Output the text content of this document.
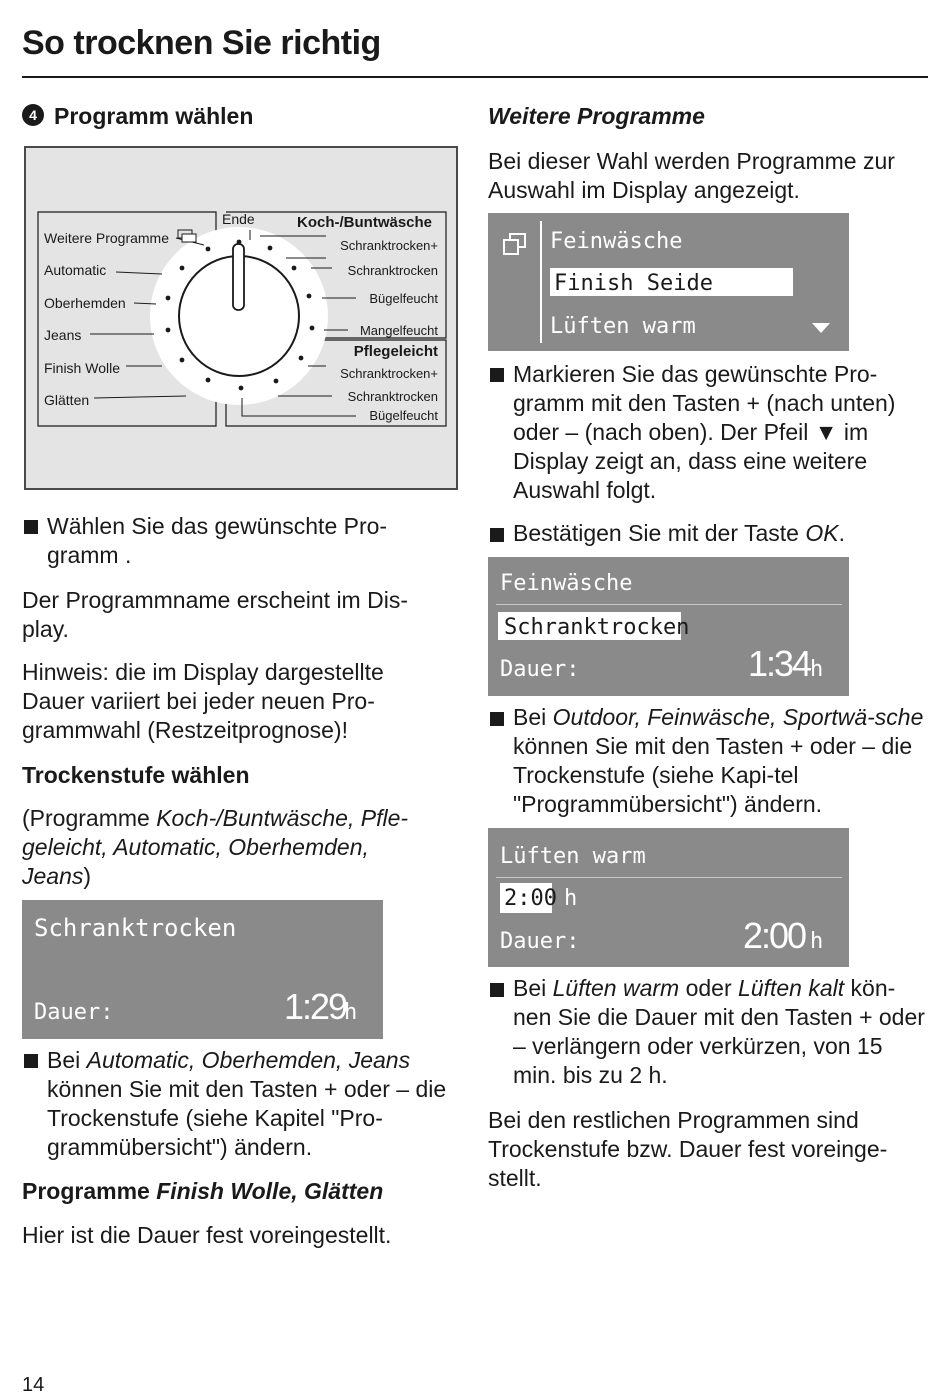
So trocknen Sie richtig
4 Programm wählen
Weitere Programme
Automatic
Oberhemden
Jeans
Finish Wolle
Glätten
Ende	Koch-/Buntwäsche
Schranktrocken+
Schranktrocken
Bügelfeucht
Mangelfeucht
Pflegeleicht
Schranktrocken+
Schranktrocken
Bügelfeucht
Wählen Sie das gewünschte Pro-gramm .
Der Programmname erscheint im Dis-play.
Hinweis: die im Display dargestellte Dauer variiert bei jeder neuen Pro-grammwahl (Restzeitprognose)!
Trockenstufe wählen
(Programme Koch-/Buntwäsche, Pfle-geleicht, Automatic, Oberhemden, Jeans)
Schranktrocken
Dauer:	1:29
h
Bei Automatic, Oberhemden, Jeans können Sie mit den Tasten + oder – die Trockenstufe (siehe Kapitel "Pro-grammübersicht") ändern.
Programme Finish Wolle, Glätten
Hier ist die Dauer fest voreingestellt.
Weitere Programme
Bei dieser Wahl werden Programme zur Auswahl im Display angezeigt.
Feinwäsche
Finish Seide
Lüften warm
Markieren Sie das gewünschte Pro-gramm mit den Tasten + (nach unten) oder – (nach oben). Der Pfeil ▼ im Display zeigt an, dass eine weitere Auswahl folgt.
Bestätigen Sie mit der Taste OK.
Feinwäsche
Schranktrocken
Dauer:	1:34 h
Bei Outdoor, Feinwäsche, Sportwä-sche können Sie mit den Tasten + oder – die Trockenstufe (siehe Kapi-tel "Programmübersicht") ändern.
Lüften warm
2:00 h
Dauer:	2:00 h
Bei Lüften warm oder Lüften kalt kön-nen Sie die Dauer mit den Tasten + oder – verlängern oder verkürzen, von 15 min. bis zu 2 h.
Bei den restlichen Programmen sind Trockenstufe bzw. Dauer fest voreinge-stellt.
14
